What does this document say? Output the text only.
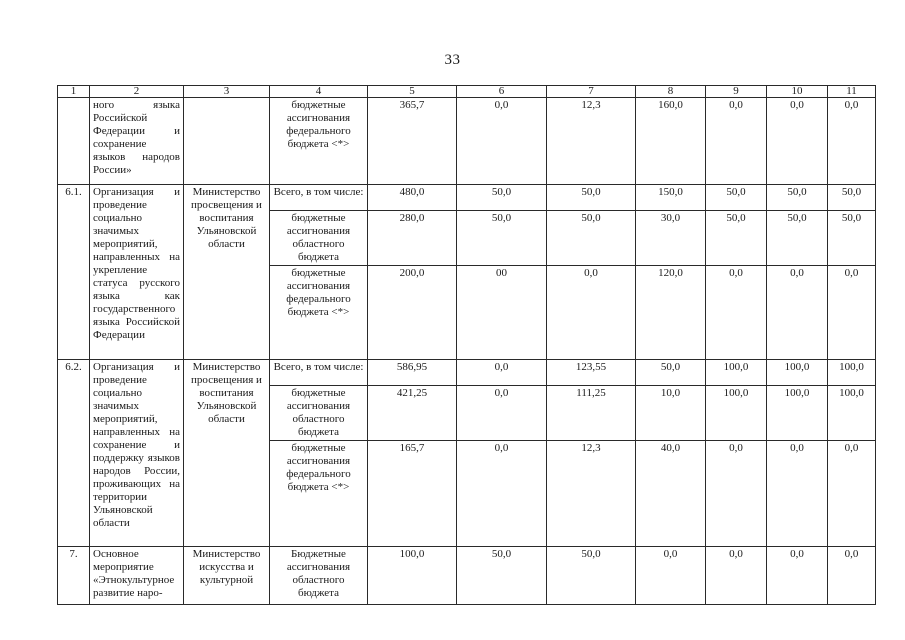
33
1	2	3	4	5	6	7	8	9	10	11
	ного языка Российской Федерации и сохранение языков народов России»		бюджетные ассигнования федерального бюджета <*>	365,7	0,0	12,3	160,0	0,0	0,0	0,0
6.1.	Организация и проведение социально значимых мероприятий, направленных на укрепление статуса русского языка как государственного языка Российской Федерации	Министерство просвещения и воспитания Ульяновской области	Всего, в том числе:	480,0	50,0	50,0	150,0	50,0	50,0	50,0
			бюджетные ассигнования областного бюджета	280,0	50,0	50,0	30,0	50,0	50,0	50,0
			бюджетные ассигнования федерального бюджета <*>	200,0	00	0,0	120,0	0,0	0,0	0,0
6.2.	Организация и проведение социально значимых мероприятий, направленных на сохранение и поддержку языков народов России, проживающих на территории Ульяновской области	Министерство просвещения и воспитания Ульяновской области	Всего, в том числе:	586,95	0,0	123,55	50,0	100,0	100,0	100,0
			бюджетные ассигнования областного бюджета	421,25	0,0	111,25	10,0	100,0	100,0	100,0
			бюджетные ассигнования федерального бюджета <*>	165,7	0,0	12,3	40,0	0,0	0,0	0,0
7.	Основное мероприятие «Этнокультурное развитие наро-	Министерство искусства и культурной	Бюджетные ассигнования областного бюджета	100,0	50,0	50,0	0,0	0,0	0,0	0,0
